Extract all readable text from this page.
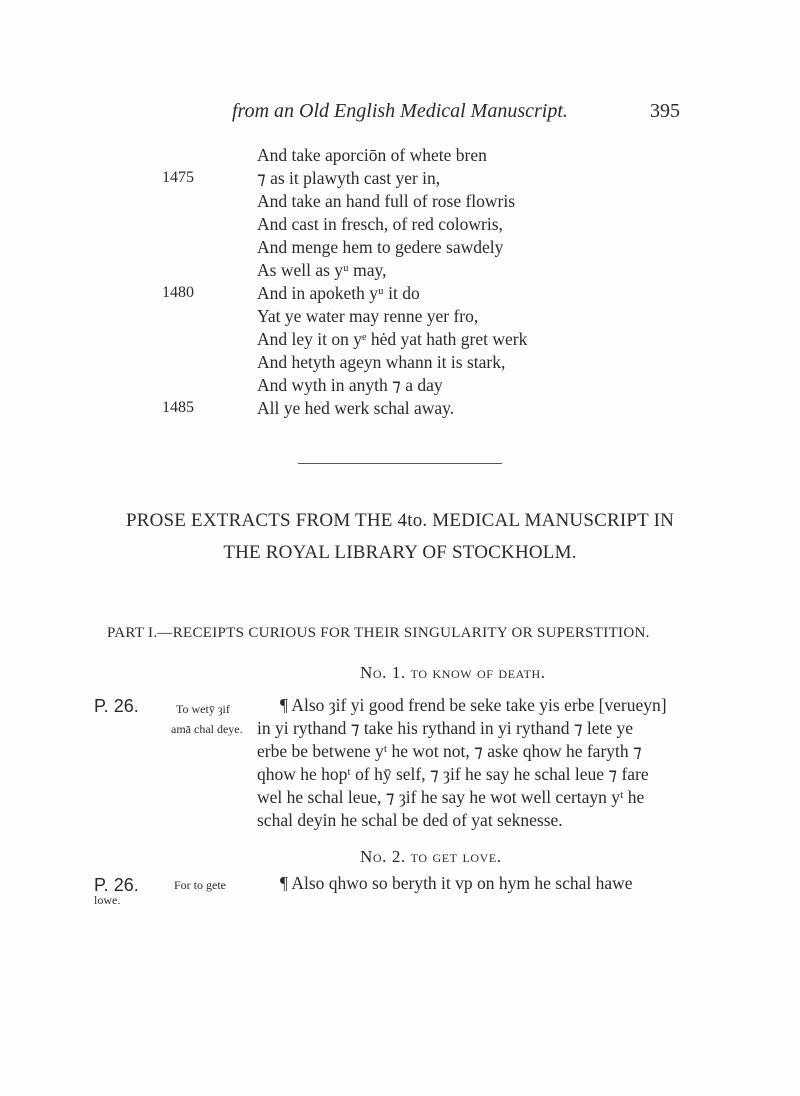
from an Old English Medical Manuscript.	395
And take aporciōn of whete bren
1475	⁊ as it plawyth cast yer in,
And take an hand full of rose flowris
And cast in fresch, of red colowris,
And menge hem to gedere sawdely
As well as yᵘ may,
1480	And in apoketh yᵘ it do
Yat ye water may renne yer fro,
And ley it on yᵉ hėd yat hath gret werk
And hetyth ageyn whann it is stark,
And wyth in anyth ⁊ a day
1485	All ye hed werk schal away.
PROSE EXTRACTS FROM THE 4to. MEDICAL MANUSCRIPT IN
THE ROYAL LIBRARY OF STOCKHOLM.
PART I.—RECEIPTS CURIOUS FOR THEIR SINGULARITY OR SUPERSTITION.
No. 1. to know of death.
P. 26.	To wetȳ ȝif
amā chal deye.
¶ Also ȝif yi good frend be seke take yis erbe [verueyn]
in yi rythand ⁊ take his rythand in yi rythand ⁊ lete ye
erbe be betwene yᵗ he wot not, ⁊ aske qhow he faryth ⁊
qhow he hopᵗ of hȳ self, ⁊ ȝif he say he schal leue ⁊ fare
wel he schal leue, ⁊ ȝif he say he wot well certayn yᵗ he
schal deyin he schal be ded of yat seknesse.
No. 2. to get love.
P. 26.	For to gete
lowe.
¶ Also qhwo so beryth it vp on hym he schal hawe
